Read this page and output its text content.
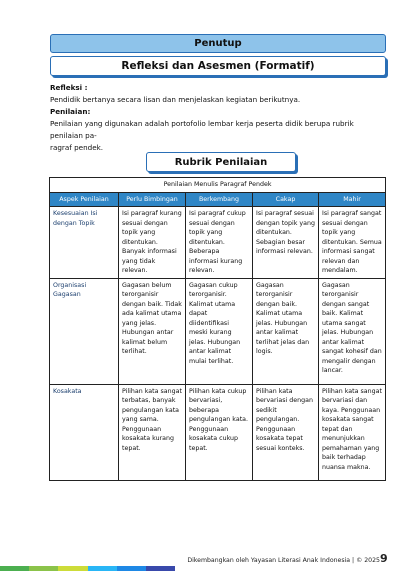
Penutup
Refleksi dan Asesmen (Formatif)
Refleksi :
Pendidik bertanya secara lisan dan menjelaskan kegiatan berikutnya.
Penilaian:
Penilaian yang digunakan adalah portofolio lembar kerja peserta didik berupa rubrik penilaian pa-
ragraf pendek.
Rubrik Penilaian
Penilaian Menulis Paragraf Pendek				
Aspek Penilaian	Perlu Bimbingan	Berkembang	Cakap	Mahir
Kesesuaian Isi dengan Topik	Isi paragraf kurang sesuai dengan topik yang ditentukan. Banyak informasi yang tidak relevan.	Isi paragraf cukup sesuai dengan topik yang ditentukan. Beberapa informasi kurang relevan.	Isi paragraf sesuai dengan topik yang ditentukan. Sebagian besar informasi relevan.	Isi paragraf sangat sesuai dengan topik yang ditentukan. Semua informasi sangat relevan dan mendalam.
Organisasi Gagasan	Gagasan belum terorganisir dengan baik. Tidak ada kalimat utama yang jelas. Hubungan antar kalimat belum terlihat.	Gagasan cukup terorganisir. Kalimat utama dapat diidentifikasi meski kurang jelas. Hubungan antar kalimat mulai terlihat.	Gagasan terorganisir dengan baik. Kalimat utama jelas. Hubungan antar kalimat terlihat jelas dan logis.	Gagasan terorganisir dengan sangat baik. Kalimat utama sangat jelas. Hubungan antar kalimat sangat kohesif dan mengalir dengan lancar.
Kosakata	Pilihan kata sangat terbatas, banyak pengulangan kata yang sama. Penggunaan kosakata kurang tepat.	Pilihan kata cukup bervariasi, beberapa pengulangan kata. Penggunaan kosakata cukup tepat.	Pilihan kata bervariasi dengan sedikit pengulangan. Penggunaan kosakata tepat sesuai konteks.	Pilihan kata sangat bervariasi dan kaya. Penggunaan kosakata sangat tepat dan menunjukkan pemahaman yang baik terhadap nuansa makna.
Dikembangkan oleh Yayasan Literasi Anak Indonesia | © 2025 9
